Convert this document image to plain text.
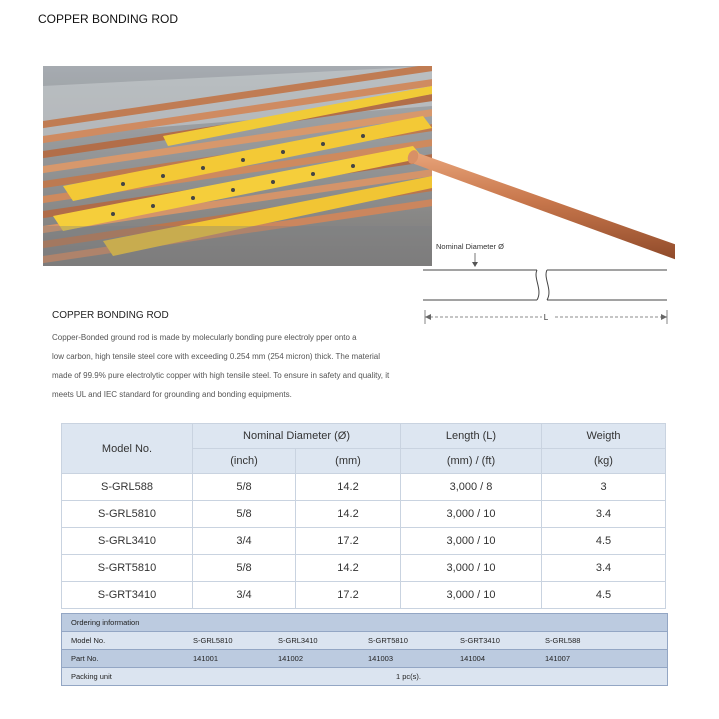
COPPER BONDING ROD
Nominal Diameter Ø
L
COPPER BONDING ROD
Copper-Bonded ground rod is made by molecularly bonding pure electroly pper onto a
low carbon, high tensile steel core with exceeding 0.254 mm (254 micron) thick. The material
made of 99.9% pure electrolytic copper with high tensile steel. To ensure in safety and quality, it
meets UL and IEC standard for grounding and bonding equipments.
Model No.	Nominal Diameter (Ø)		Length (L)	Weigth
	(inch)	(mm)	(mm) / (ft)	(kg)
S-GRL588	5/8	14.2	3,000 / 8	3
S-GRL5810	5/8	14.2	3,000 / 10	3.4
S-GRL3410	3/4	17.2	3,000 / 10	4.5
S-GRT5810	5/8	14.2	3,000 / 10	3.4
S-GRT3410	3/4	17.2	3,000 / 10	4.5
Ordering information
Model No.	S-GRL5810	S-GRL3410	S-GRT5810	S-GRT3410	S-GRL588
Part No.	141001	141002	141003	141004	141007
Packing unit	1 pc(s).
